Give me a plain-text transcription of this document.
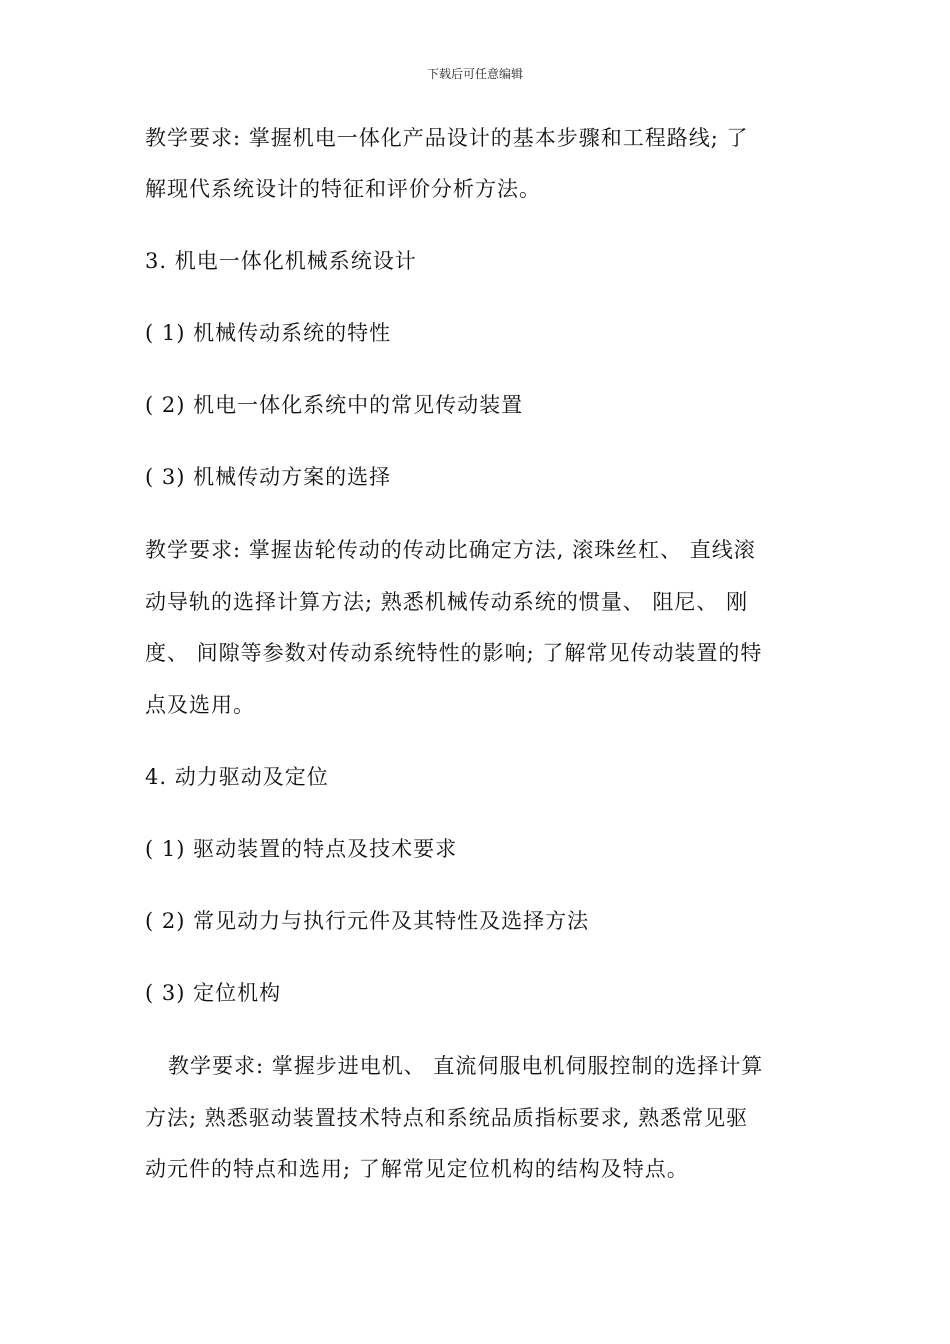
下载后可任意编辑
教学要求: 掌握机电一体化产品设计的基本步骤和工程路线; 了
解现代系统设计的特征和评价分析方法。
3. 机电一体化机械系统设计
( 1) 机械传动系统的特性
( 2) 机电一体化系统中的常见传动装置
( 3) 机械传动方案的选择
教学要求: 掌握齿轮传动的传动比确定方法, 滚珠丝杠、 直线滚
动导轨的选择计算方法; 熟悉机械传动系统的惯量、 阻尼、 刚
度、 间隙等参数对传动系统特性的影响; 了解常见传动装置的特
点及选用。
4. 动力驱动及定位
( 1) 驱动装置的特点及技术要求
( 2) 常见动力与执行元件及其特性及选择方法
( 3) 定位机构
教学要求: 掌握步进电机、 直流伺服电机伺服控制的选择计算
方法; 熟悉驱动装置技术特点和系统品质指标要求, 熟悉常见驱
动元件的特点和选用; 了解常见定位机构的结构及特点。
